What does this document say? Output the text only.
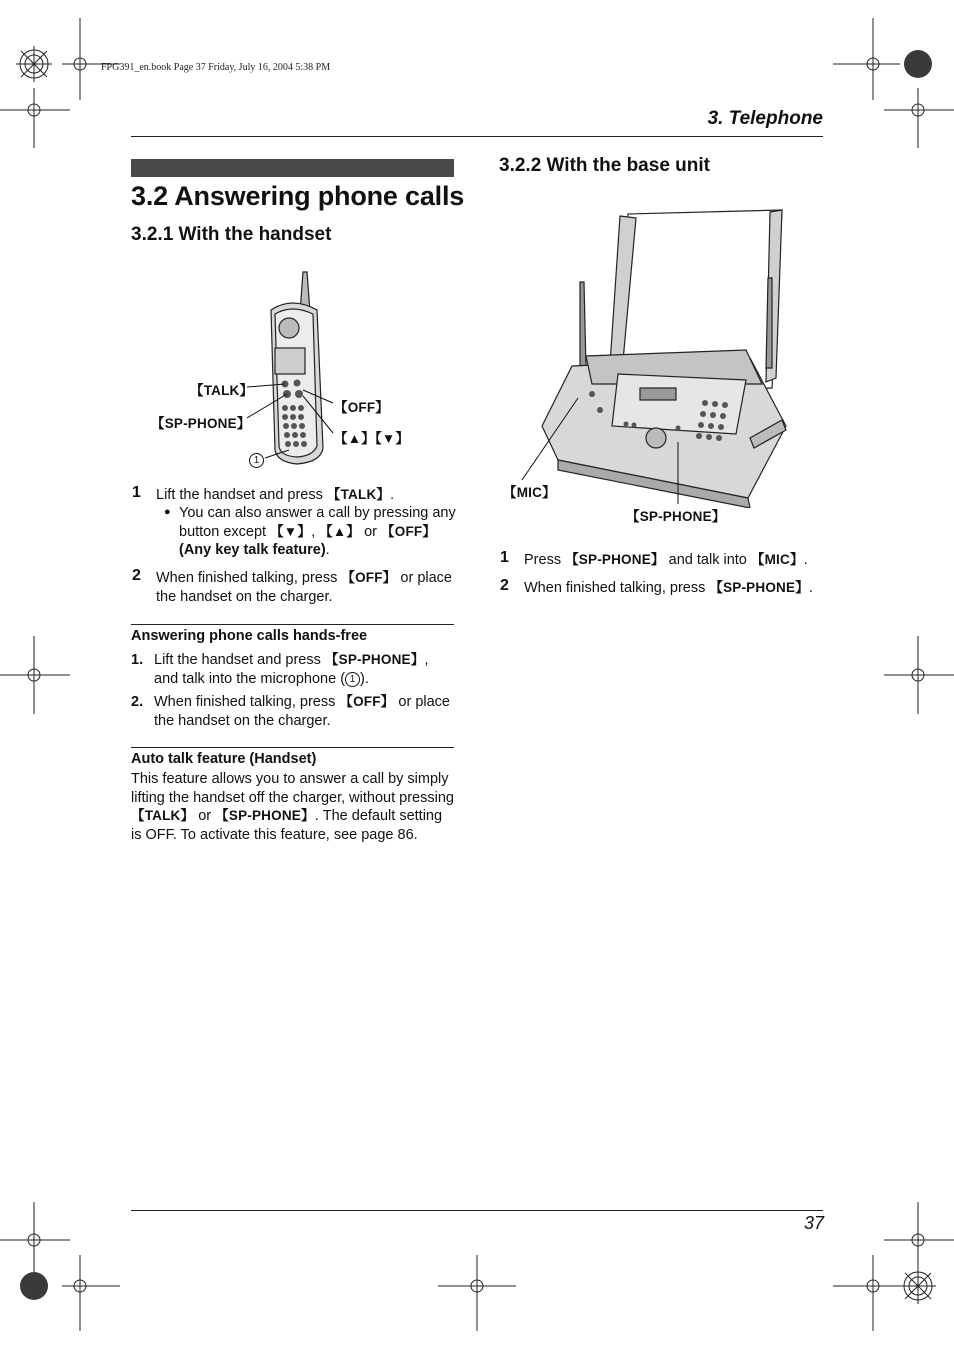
FPG391_en.book Page 37 Friday, July 16, 2004 5:38 PM
3. Telephone
3.2 Answering phone calls
3.2.1 With the handset
【TALK】
【SP-PHONE】
【OFF】
【▲】【▼】
1
1 Lift the handset and press 【TALK】.
● You can also answer a call by pressing any button except 【▼】, 【▲】 or 【OFF】
(Any key talk feature).
2 When finished talking, press 【OFF】 or place the handset on the charger.
Answering phone calls hands-free
1. Lift the handset and press 【SP-PHONE】, and talk into the microphone ( 1 ).
2. When finished talking, press 【OFF】 or place the handset on the charger.
Auto talk feature (Handset)
This feature allows you to answer a call by simply lifting the handset off the charger, without pressing 【TALK】 or 【SP-PHONE】. The default setting is OFF. To activate this feature, see page 86.
3.2.2 With the base unit
【MIC】
【SP-PHONE】
1 Press 【SP-PHONE】 and talk into 【MIC】.
2 When finished talking, press 【SP-PHONE】.
37
